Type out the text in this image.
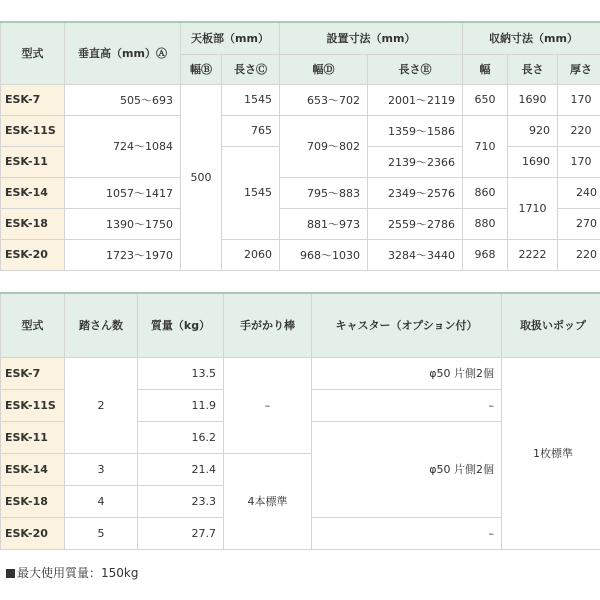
型式	垂直高（mm）Ⓐ	天板部（mm）		設置寸法（mm）		収納寸法（mm）		
		幅Ⓑ	長さⒸ	幅Ⓓ	長さⒺ	幅	長さ	厚さ
ESK-7	505～693	500	1545	653～702	2001～2119	650	1690	170
ESK-11S	724～1084		765	709～802	1359～1586	710	920	220
ESK-11			1545		2139～2366		1690	170
ESK-14	1057～1417			795～883	2349～2576	860	1710	240
ESK-18	1390～1750			881～973	2559～2786	880		270
ESK-20	1723～1970		2060	968～1030	3284～3440	968	2222	220
型式	踏さん数	質量（kg）	手がかり棒	キャスター（オプション付）	取扱いポップ
ESK-7	2	13.5	–	φ50 片側2個	1枚標準
ESK-11S		11.9		–	
ESK-11		16.2		φ50 片側2個	
ESK-14	3	21.4	4本標準		
ESK-18	4	23.3			
ESK-20	5	27.7		–	
最大使用質量：150kg
